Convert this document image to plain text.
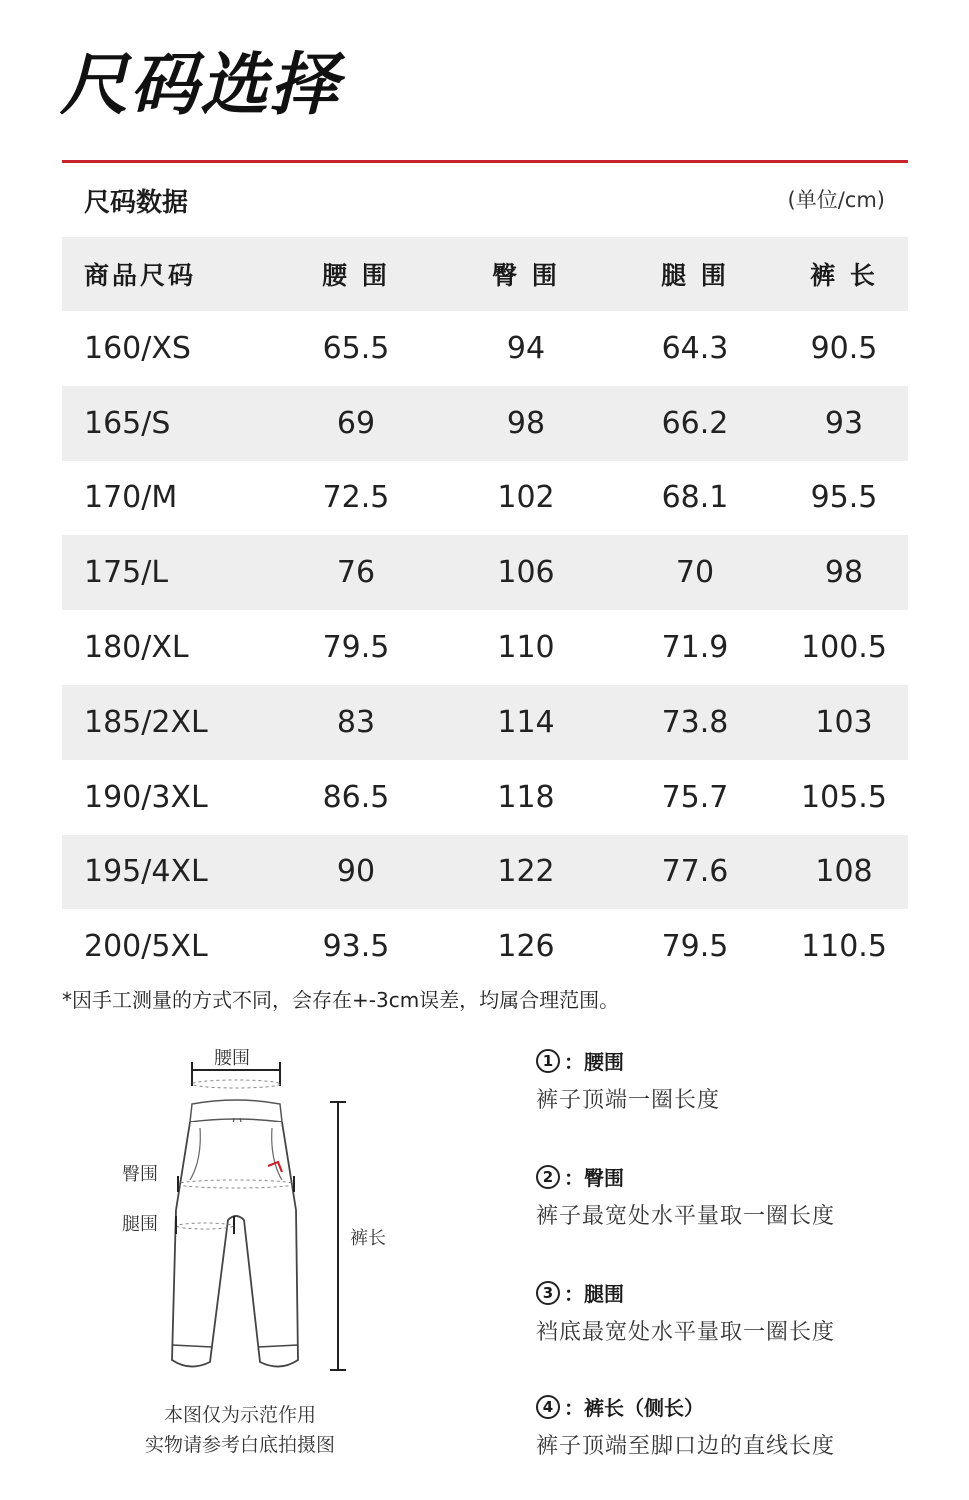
尺码选择
尺码数据	(单位/cm)
商品尺码	腰 围	臀 围	腿 围	裤 长
160/XS	65.5	94	64.3	90.5
165/S	69	98	66.2	93
170/M	72.5	102	68.1	95.5
175/L	76	106	70	98
180/XL	79.5	110	71.9	100.5
185/2XL	83	114	73.8	103
190/3XL	86.5	118	75.7	105.5
195/4XL	90	122	77.6	108
200/5XL	93.5	126	79.5	110.5
*因手工测量的方式不同，会存在+-3cm误差，均属合理范围。
腰围
臀围
腿围
裤长
本图仅为示范作用
实物请参考白底拍摄图
1 ：腰围
裤子顶端一圈长度
2 ：臀围
裤子最宽处水平量取一圈长度
3 ：腿围
裆底最宽处水平量取一圈长度
4 ：裤长（侧长）
裤子顶端至脚口边的直线长度
